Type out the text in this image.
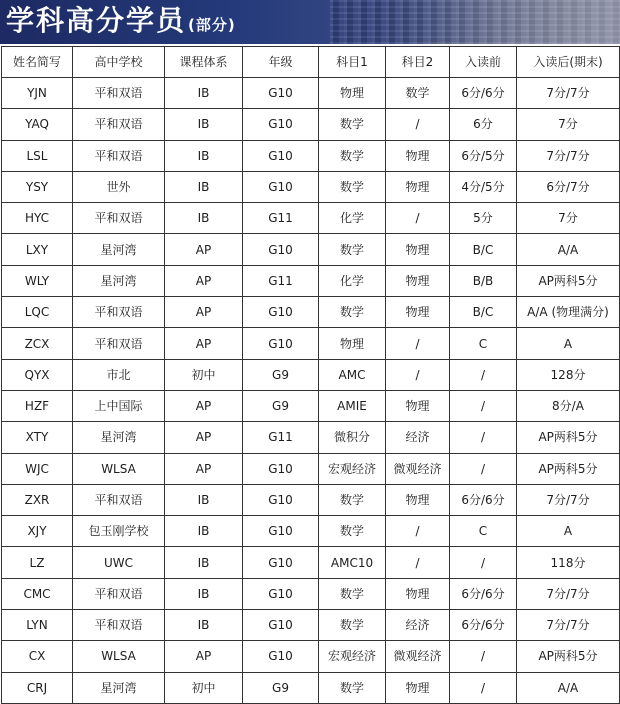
学科高分学员 (部分)
姓名简写	高中学校	课程体系	年级	科目1	科目2	入读前	入读后(期末)
YJN	平和双语	IB	G10	物理	数学	6分/6分	7分/7分
YAQ	平和双语	IB	G10	数学	/	6分	7分
LSL	平和双语	IB	G10	数学	物理	6分/5分	7分/7分
YSY	世外	IB	G10	数学	物理	4分/5分	6分/7分
HYC	平和双语	IB	G11	化学	/	5分	7分
LXY	星河湾	AP	G10	数学	物理	B/C	A/A
WLY	星河湾	AP	G11	化学	物理	B/B	AP两科5分
LQC	平和双语	AP	G10	数学	物理	B/C	A/A (物理满分)
ZCX	平和双语	AP	G10	物理	/	C	A
QYX	市北	初中	G9	AMC	/	/	128分
HZF	上中国际	AP	G9	AMIE	物理	/	8分/A
XTY	星河湾	AP	G11	微积分	经济	/	AP两科5分
WJC	WLSA	AP	G10	宏观经济	微观经济	/	AP两科5分
ZXR	平和双语	IB	G10	数学	物理	6分/6分	7分/7分
XJY	包玉刚学校	IB	G10	数学	/	C	A
LZ	UWC	IB	G10	AMC10	/	/	118分
CMC	平和双语	IB	G10	数学	物理	6分/6分	7分/7分
LYN	平和双语	IB	G10	数学	经济	6分/6分	7分/7分
CX	WLSA	AP	G10	宏观经济	微观经济	/	AP两科5分
CRJ	星河湾	初中	G9	数学	物理	/	A/A
